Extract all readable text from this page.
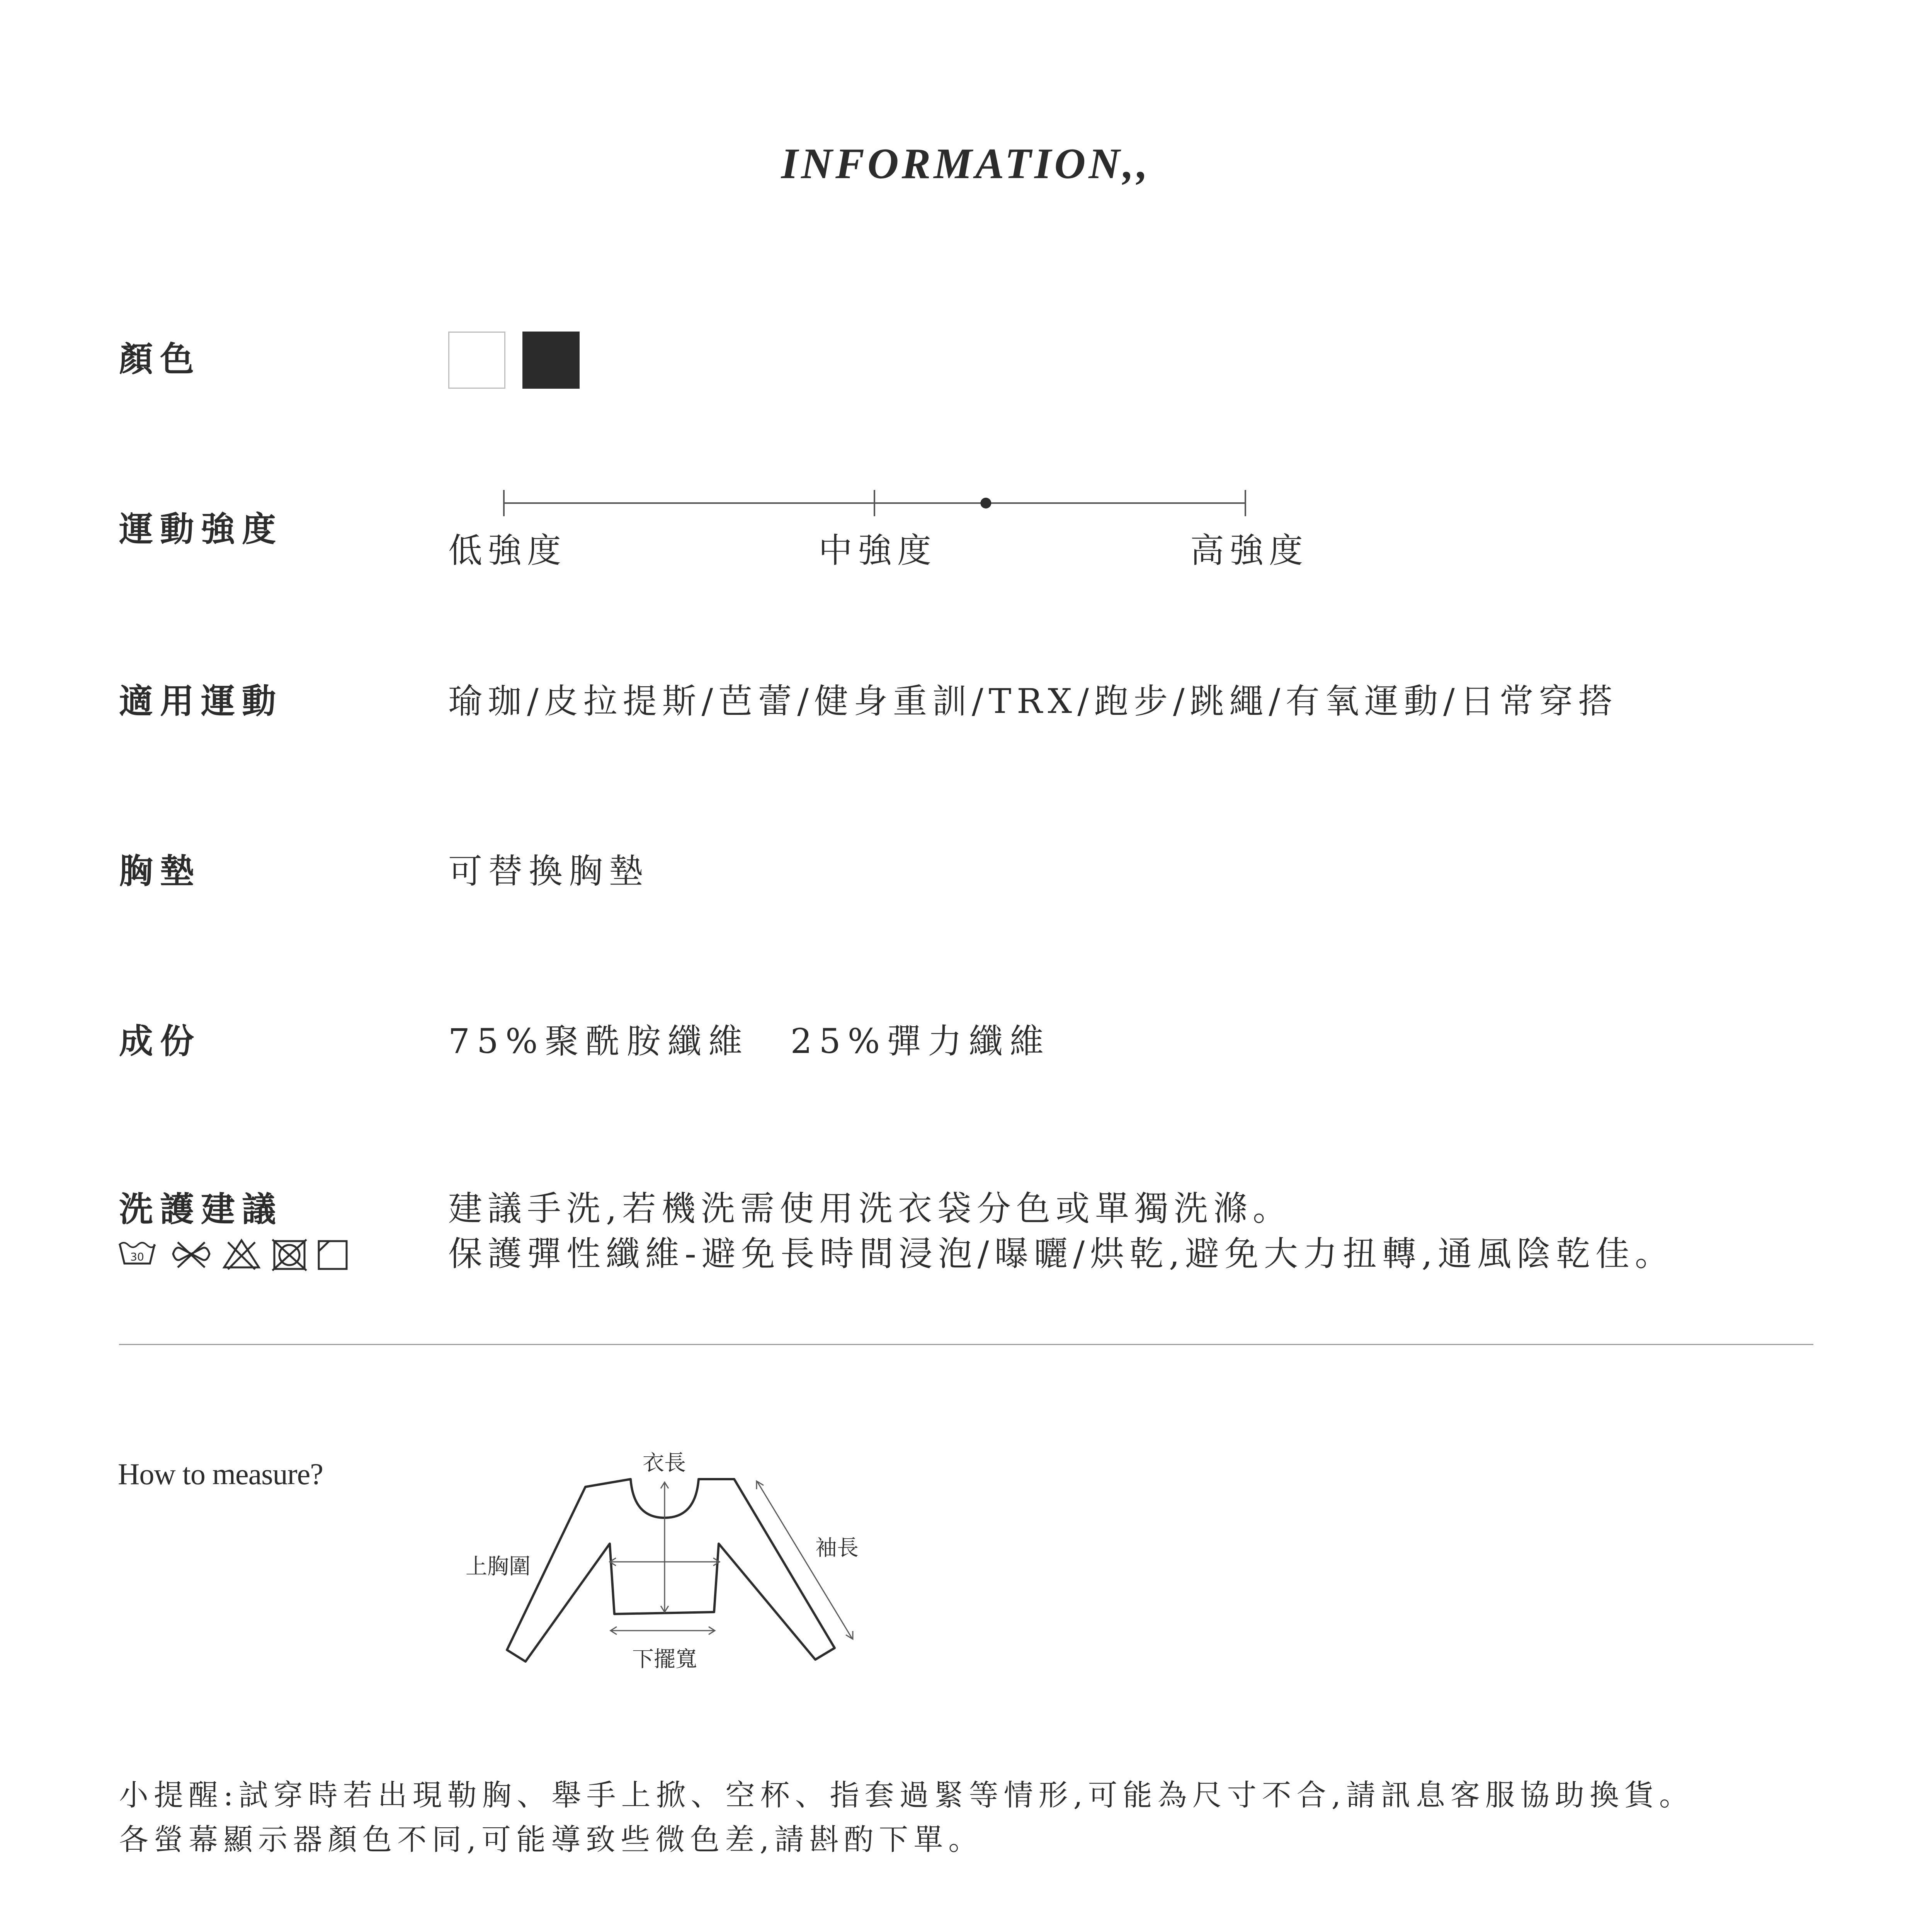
INFORMATION,,
顏色
運動強度
低強度	中強度	高強度
適用運動	瑜珈/皮拉提斯/芭蕾/健身重訓/TRX/跑步/跳繩/有氧運動/日常穿搭
胸墊	可替換胸墊
成份	75%聚酰胺纖維　25%彈力纖維
洗護建議	建議手洗,若機洗需使用洗衣袋分色或單獨洗滌。
保護彈性纖維-避免長時間浸泡/曝曬/烘乾,避免大力扭轉,通風陰乾佳。
30
How to measure?	衣長
袖長
上胸圍
下擺寬
小提醒:試穿時若出現勒胸、舉手上掀、空杯、指套過緊等情形,可能為尺寸不合,請訊息客服協助換貨。
各螢幕顯示器顏色不同,可能導致些微色差,請斟酌下單。
